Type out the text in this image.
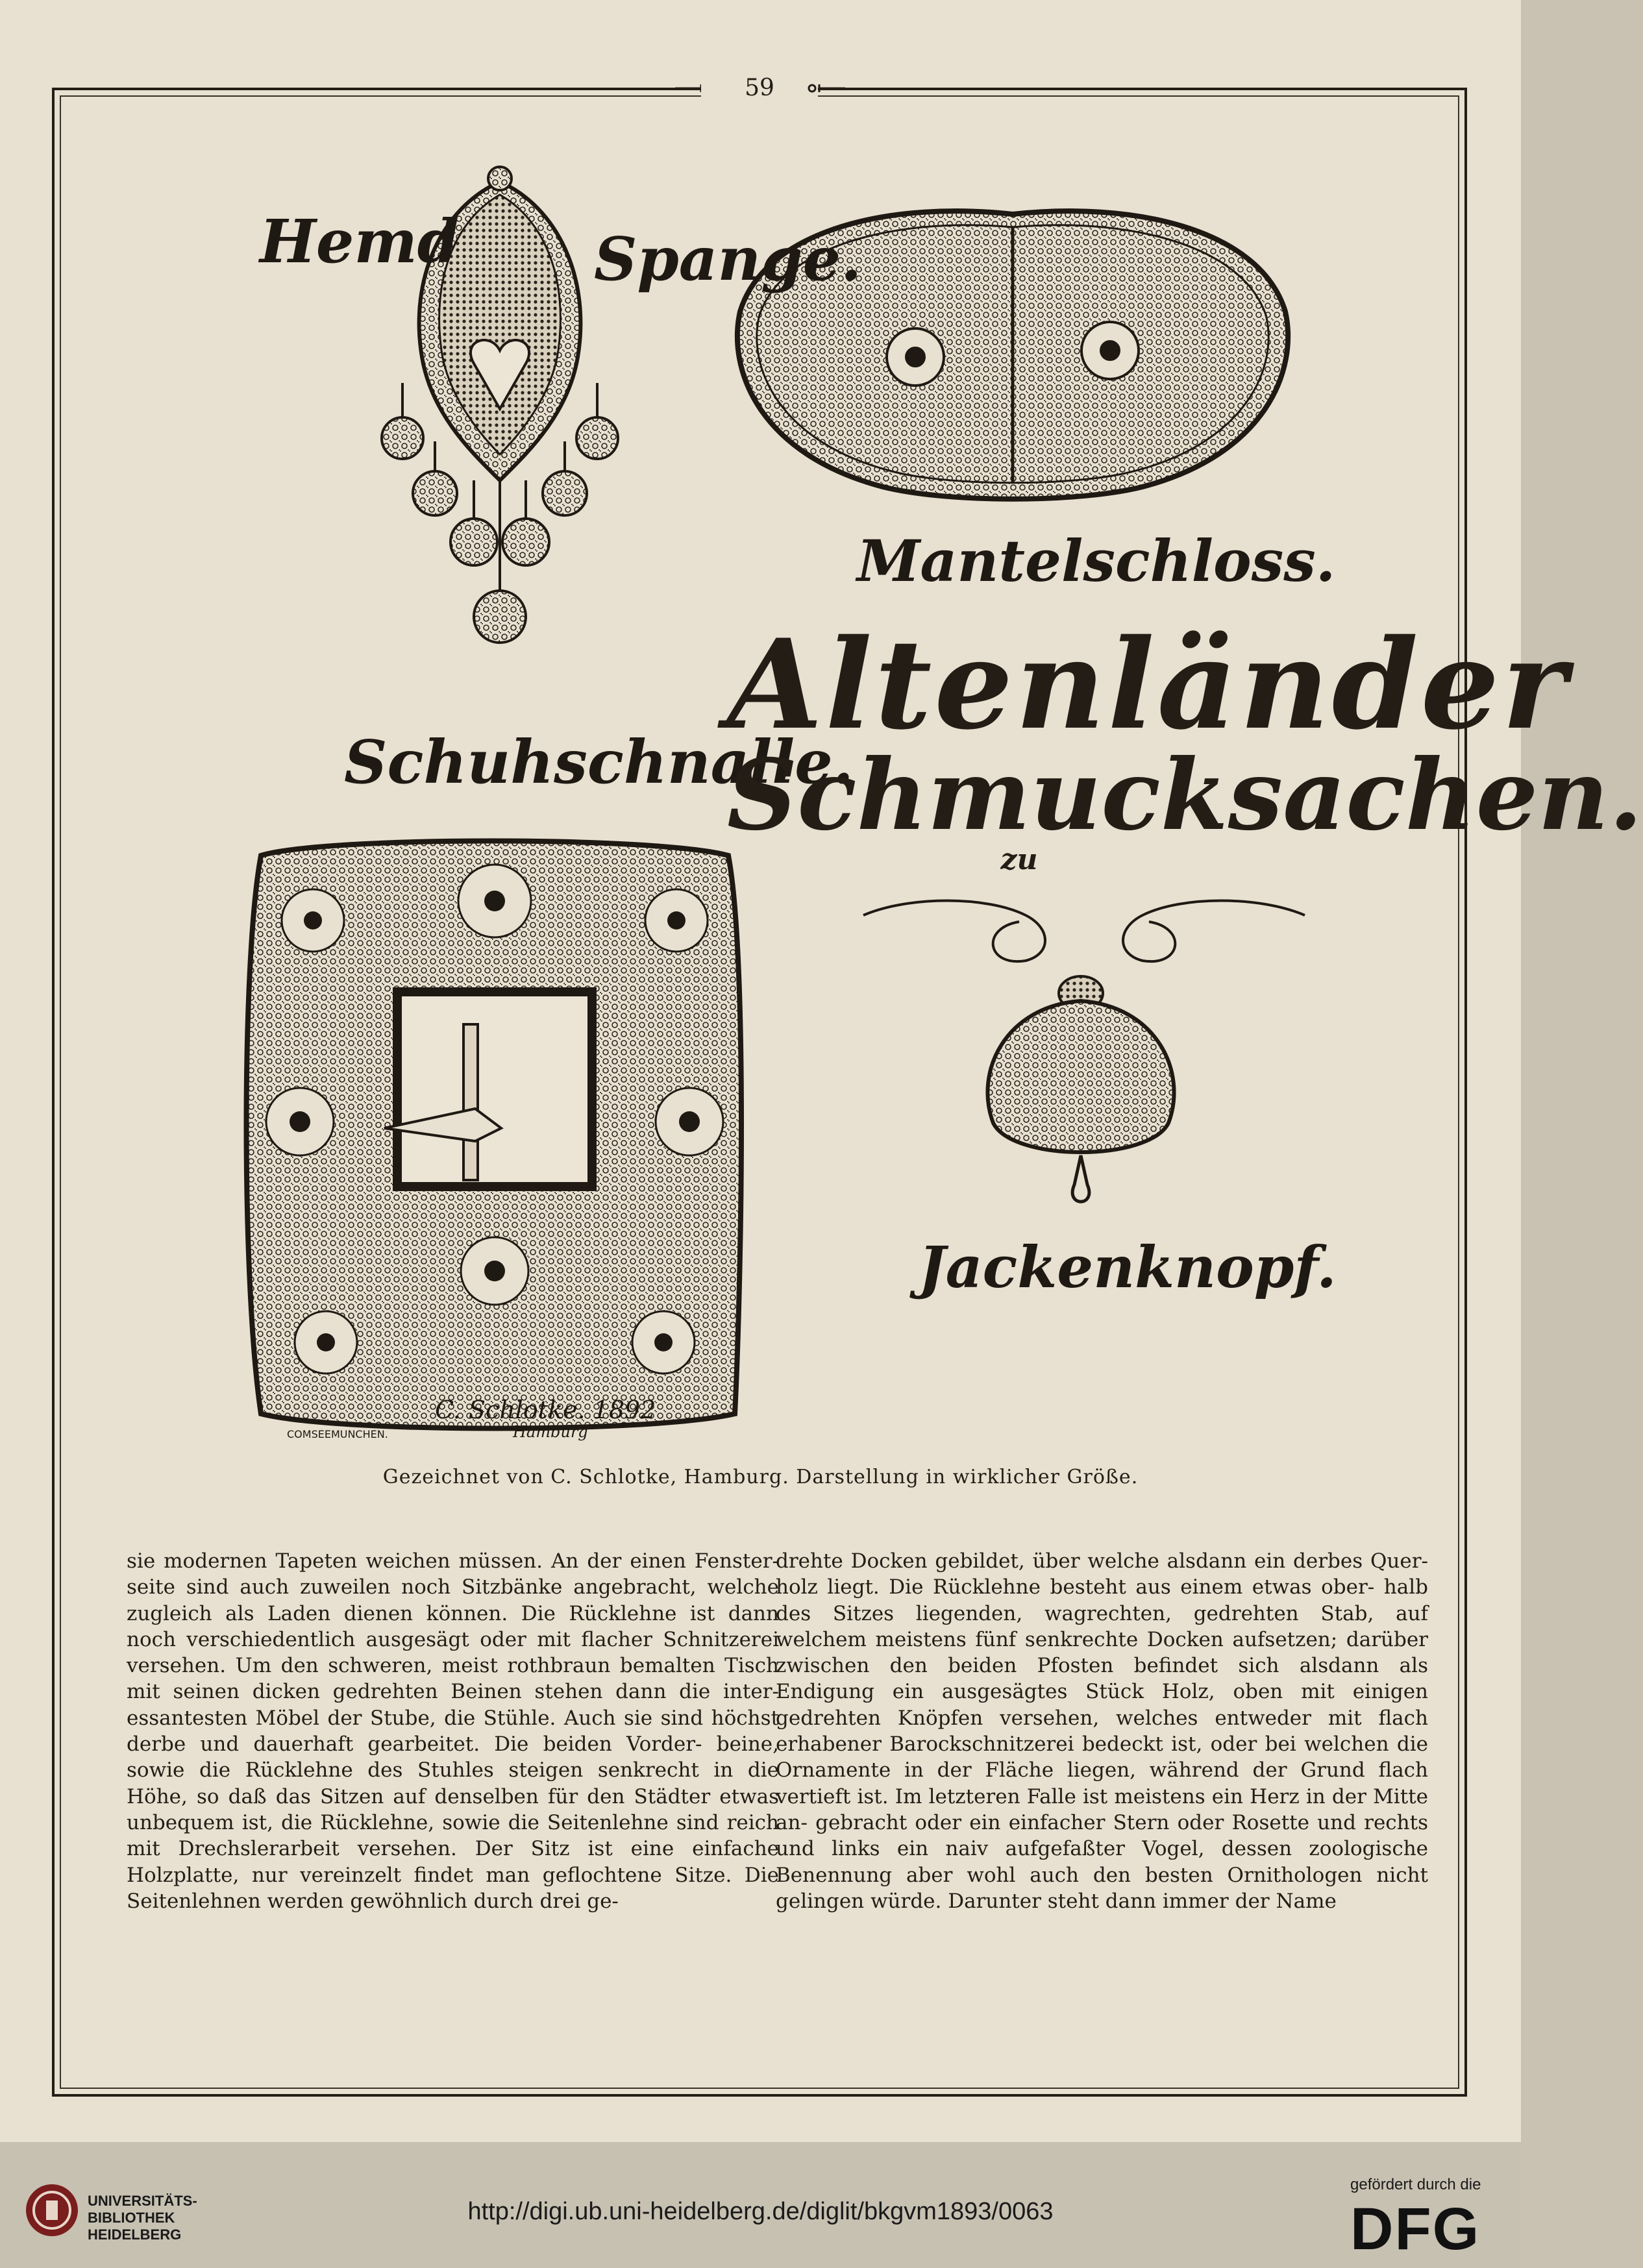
59
Hemd Spange.
Mantelschloss.
Schuhschnalle.
Jackenknopf.
Altenländer
Schmucksachen.
zu
COMSEEMUNCHEN.
C. Schlotke. 1892
Hamburg
Gezeichnet von C. Schlotke, Hamburg. Darstellung in wirklicher Größe.

sie modernen Tapeten weichen müssen. An der einen Fenster- seite sind auch zuweilen noch Sitzbänke angebracht, welche zugleich als Laden dienen können. Die Rücklehne ist dann noch verschiedentlich ausgesägt oder mit flacher Schnitzerei versehen. Um den schweren, meist rothbraun bemalten Tisch mit seinen dicken gedrehten Beinen stehen dann die inter- essantesten Möbel der Stube, die Stühle. Auch sie sind höchst derbe und dauerhaft gearbeitet. Die beiden Vorder- beine, sowie die Rücklehne des Stuhles steigen senkrecht in die Höhe, so daß das Sitzen auf denselben für den Städter etwas unbequem ist, die Rücklehne, sowie die Seitenlehne sind reich mit Drechslerarbeit versehen. Der Sitz ist eine einfache Holzplatte, nur vereinzelt findet man geflochtene Sitze. Die Seitenlehnen werden gewöhnlich durch drei ge-

drehte Docken gebildet, über welche alsdann ein derbes Quer- holz liegt. Die Rücklehne besteht aus einem etwas ober- halb des Sitzes liegenden, wagrechten, gedrehten Stab, auf welchem meistens fünf senkrechte Docken aufsetzen; darüber zwischen den beiden Pfosten befindet sich alsdann als Endigung ein ausgesägtes Stück Holz, oben mit einigen gedrehten Knöpfen versehen, welches entweder mit flach erhabener Barockschnitzerei bedeckt ist, oder bei welchen die Ornamente in der Fläche liegen, während der Grund flach vertieft ist. Im letzteren Falle ist meistens ein Herz in der Mitte an- gebracht oder ein einfacher Stern oder Rosette und rechts und links ein naiv aufgefaßter Vogel, dessen zoologische Benennung aber wohl auch den besten Ornithologen nicht gelingen würde. Darunter steht dann immer der Name

UNIVERSITÄTS-
BIBLIOTHEK
HEIDELBERG
http://digi.ub.uni-heidelberg.de/diglit/bkgvm1893/0063
gefördert durch die
DFG
